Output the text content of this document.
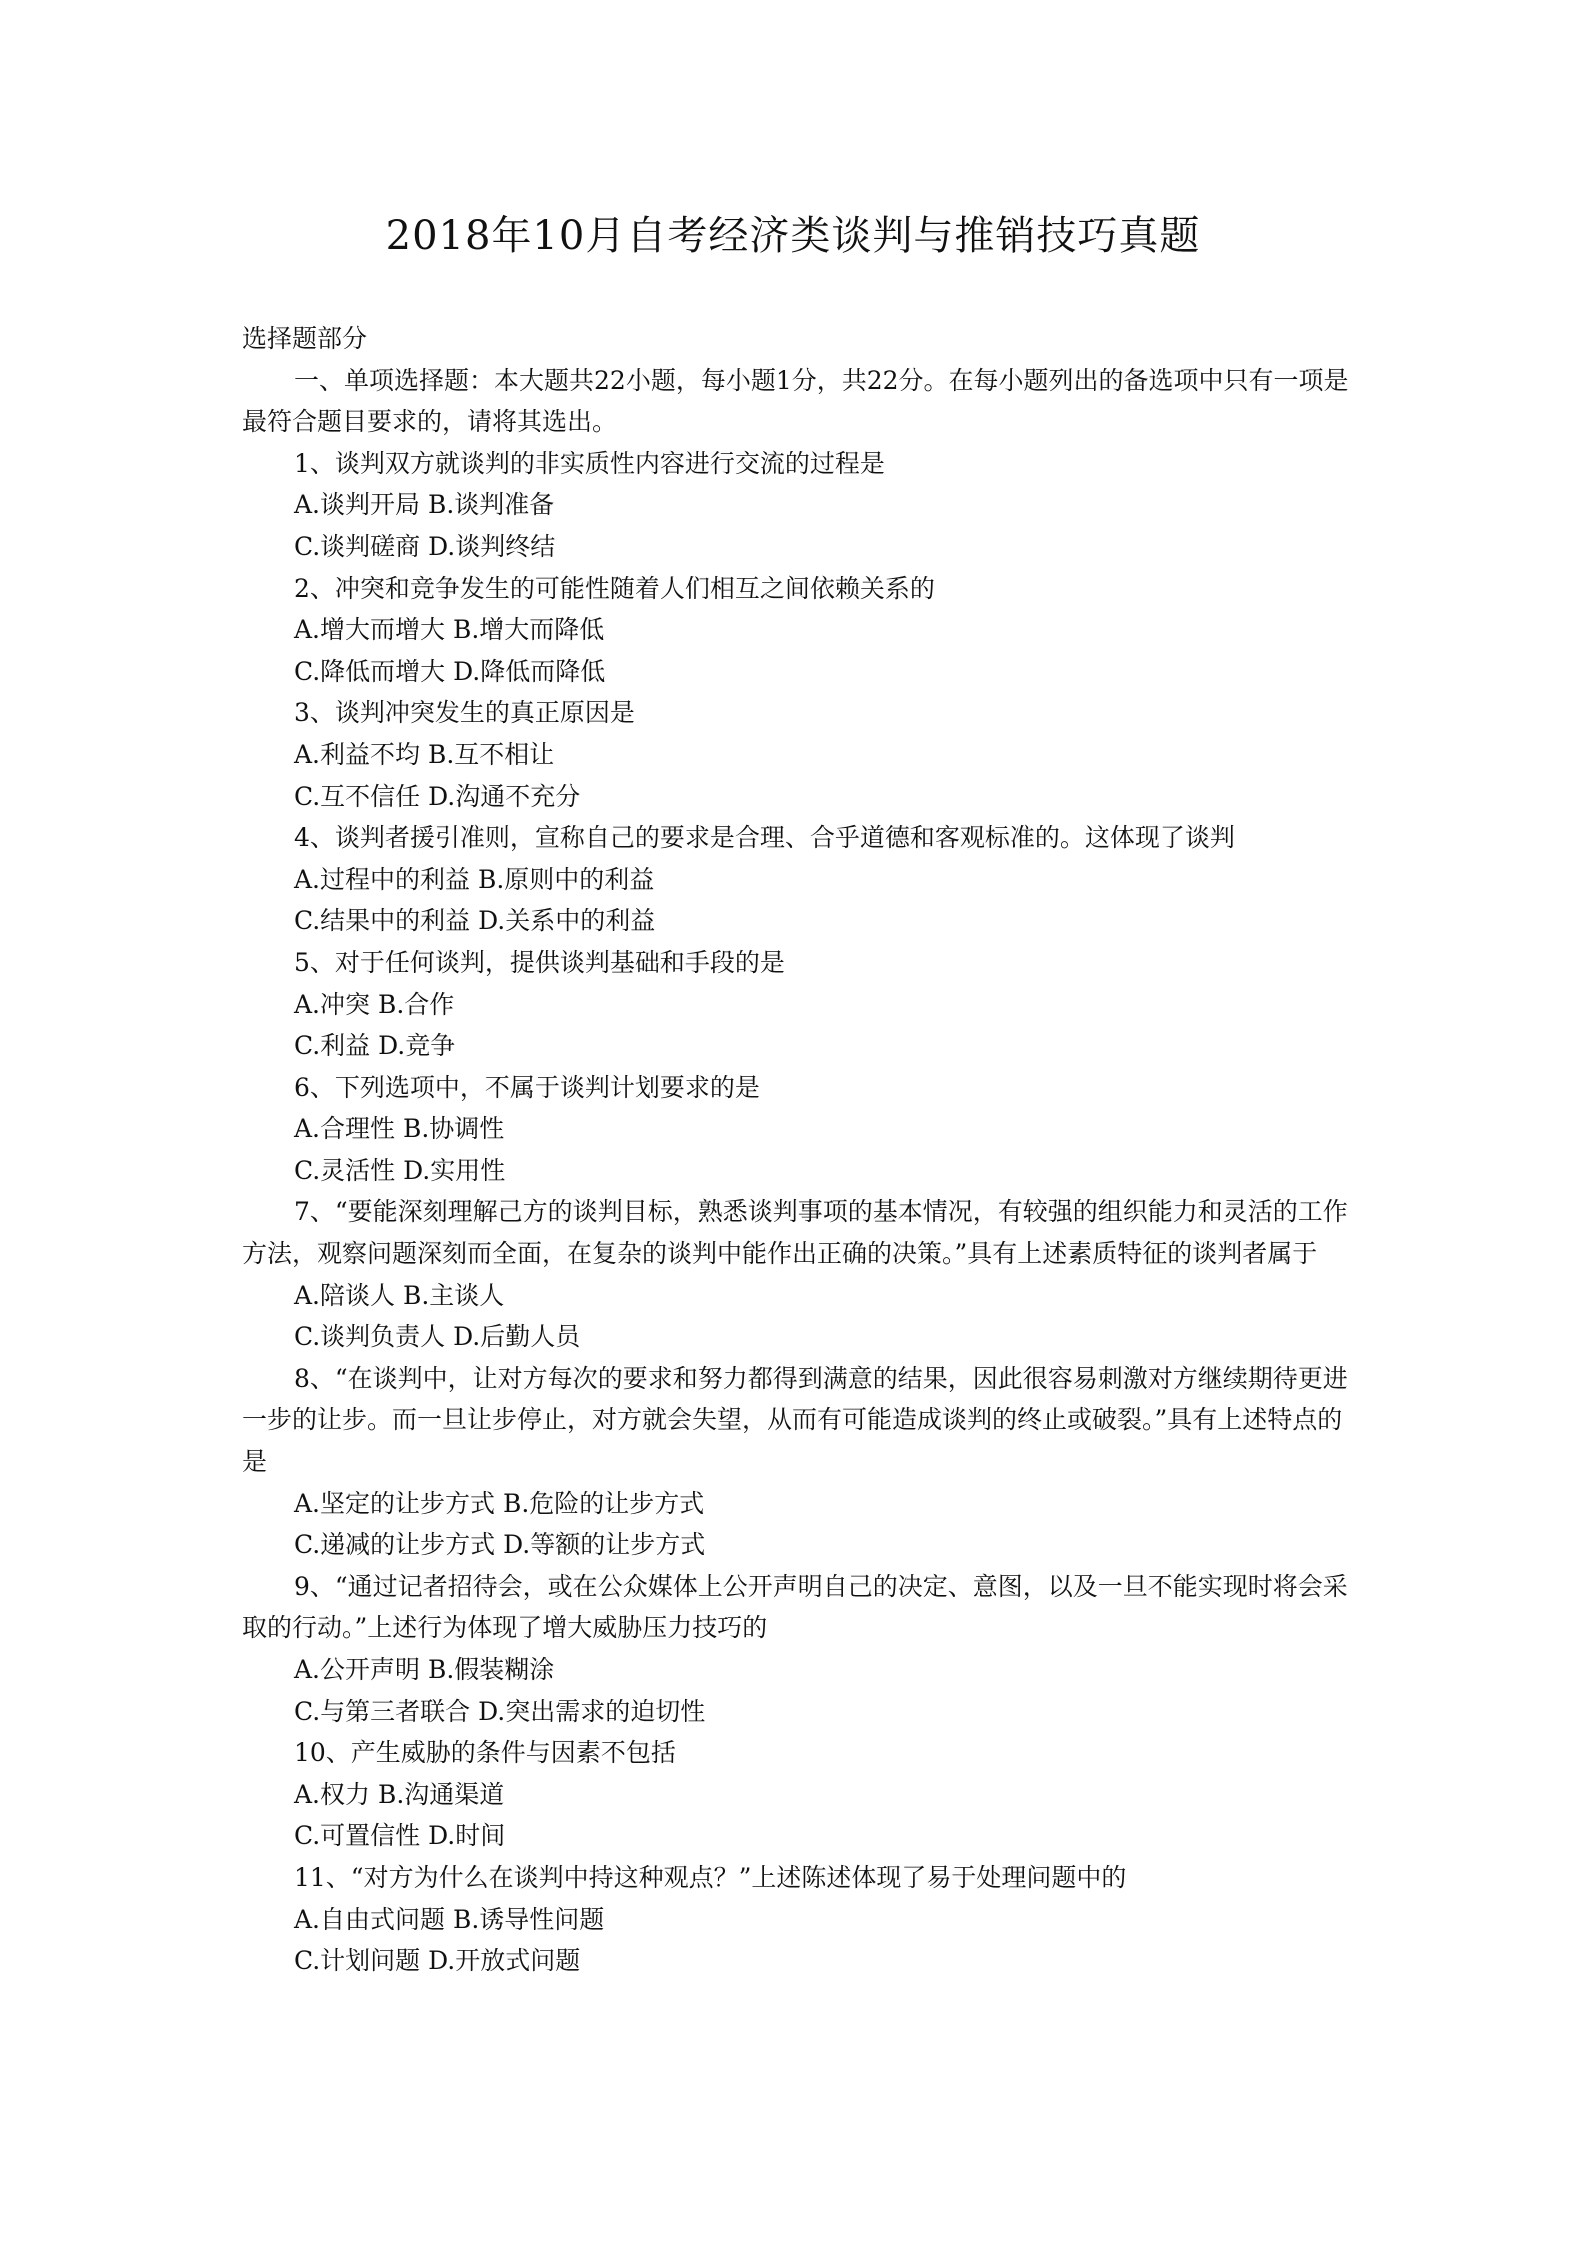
2018年10月自考经济类谈判与推销技巧真题

选择题部分

一、单项选择题：本大题共22小题，每小题1分，共22分。在每小题列出的备选项中只有一项是最符合题目要求的，请将其选出。

1、谈判双方就谈判的非实质性内容进行交流的过程是

A.谈判开局 B.谈判准备

C.谈判磋商 D.谈判终结

2、冲突和竞争发生的可能性随着人们相互之间依赖关系的

A.增大而增大 B.增大而降低

C.降低而增大 D.降低而降低

3、谈判冲突发生的真正原因是

A.利益不均 B.互不相让

C.互不信任 D.沟通不充分

4、谈判者援引准则，宣称自己的要求是合理、合乎道德和客观标准的。这体现了谈判

A.过程中的利益 B.原则中的利益

C.结果中的利益 D.关系中的利益

5、对于任何谈判，提供谈判基础和手段的是

A.冲突 B.合作

C.利益 D.竞争

6、下列选项中，不属于谈判计划要求的是

A.合理性 B.协调性

C.灵活性 D.实用性

7、“要能深刻理解己方的谈判目标，熟悉谈判事项的基本情况，有较强的组织能力和灵活的工作方法，观察问题深刻而全面，在复杂的谈判中能作出正确的决策。”具有上述素质特征的谈判者属于

A.陪谈人 B.主谈人

C.谈判负责人 D.后勤人员

8、“在谈判中，让对方每次的要求和努力都得到满意的结果，因此很容易刺激对方继续期待更进一步的让步。而一旦让步停止，对方就会失望，从而有可能造成谈判的终止或破裂。”具有上述特点的是

A.坚定的让步方式 B.危险的让步方式

C.递减的让步方式 D.等额的让步方式

9、“通过记者招待会，或在公众媒体上公开声明自己的决定、意图，以及一旦不能实现时将会采取的行动。”上述行为体现了增大威胁压力技巧的

A.公开声明 B.假装糊涂

C.与第三者联合 D.突出需求的迫切性

10、产生威胁的条件与因素不包括

A.权力 B.沟通渠道

C.可置信性 D.时间

11、“对方为什么在谈判中持这种观点？”上述陈述体现了易于处理问题中的

A.自由式问题 B.诱导性问题

C.计划问题 D.开放式问题
